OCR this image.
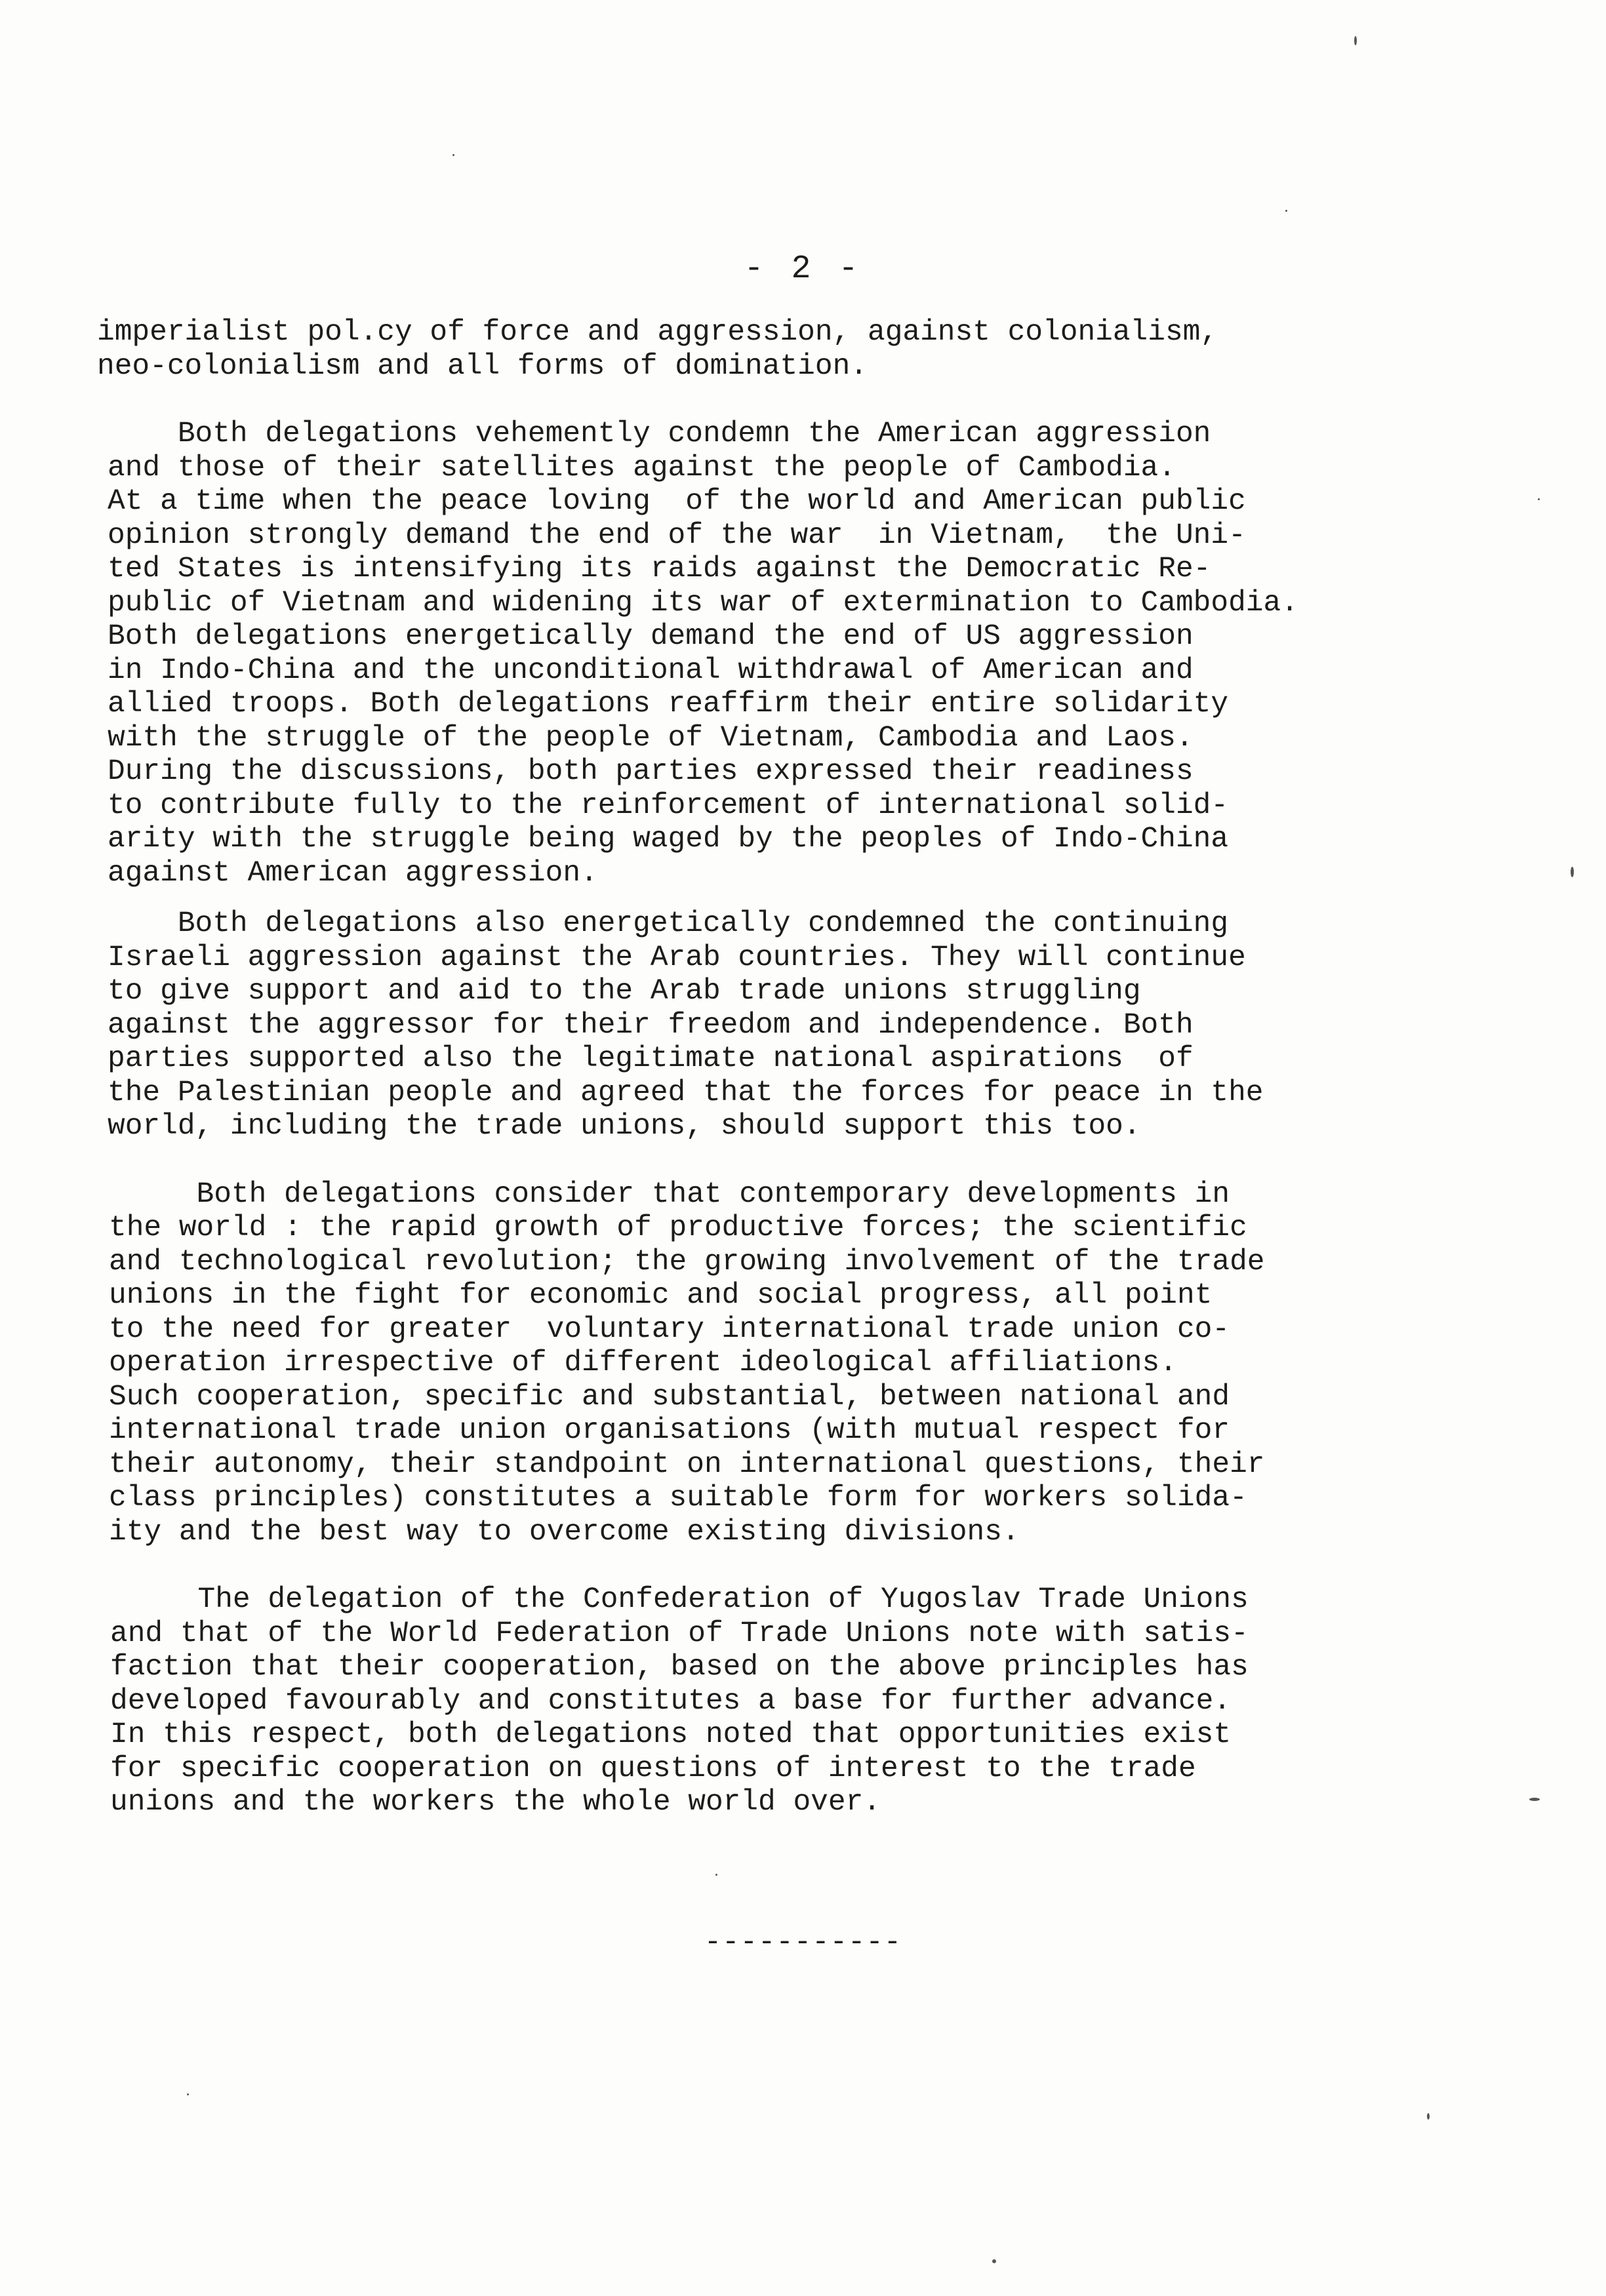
- 2 -

imperialist pol.cy of force and aggression, against colonialism,
neo-colonialism and all forms of domination.

Both delegations vehemently condemn the American aggression
and those of their satellites against the people of Cambodia.
At a time when the peace loving  of the world and American public
opinion strongly demand the end of the war  in Vietnam,  the Uni-
ted States is intensifying its raids against the Democratic Re-
public of Vietnam and widening its war of extermination to Cambodia.
Both delegations energetically demand the end of US aggression
in Indo-China and the unconditional withdrawal of American and
allied troops. Both delegations reaffirm their entire solidarity
with the struggle of the people of Vietnam, Cambodia and Laos.
During the discussions, both parties expressed their readiness
to contribute fully to the reinforcement of international solid-
arity with the struggle being waged by the peoples of Indo-China
against American aggression.

Both delegations also energetically condemned the continuing
Israeli aggression against the Arab countries. They will continue
to give support and aid to the Arab trade unions struggling
against the aggressor for their freedom and independence. Both
parties supported also the legitimate national aspirations  of
the Palestinian people and agreed that the forces for peace in the
world, including the trade unions, should support this too.

Both delegations consider that contemporary developments in
the world : the rapid growth of productive forces; the scientific
and technological revolution; the growing involvement of the trade
unions in the fight for economic and social progress, all point
to the need for greater  voluntary international trade union co-
operation irrespective of different ideological affiliations.
Such cooperation, specific and substantial, between national and
international trade union organisations (with mutual respect for
their autonomy, their standpoint on international questions, their
class principles) constitutes a suitable form for workers solida-
ity and the best way to overcome existing divisions.

The delegation of the Confederation of Yugoslav Trade Unions
and that of the World Federation of Trade Unions note with satis-
faction that their cooperation, based on the above principles has
developed favourably and constitutes a base for further advance.
In this respect, both delegations noted that opportunities exist
for specific cooperation on questions of interest to the trade
unions and the workers the whole world over.

-----------
